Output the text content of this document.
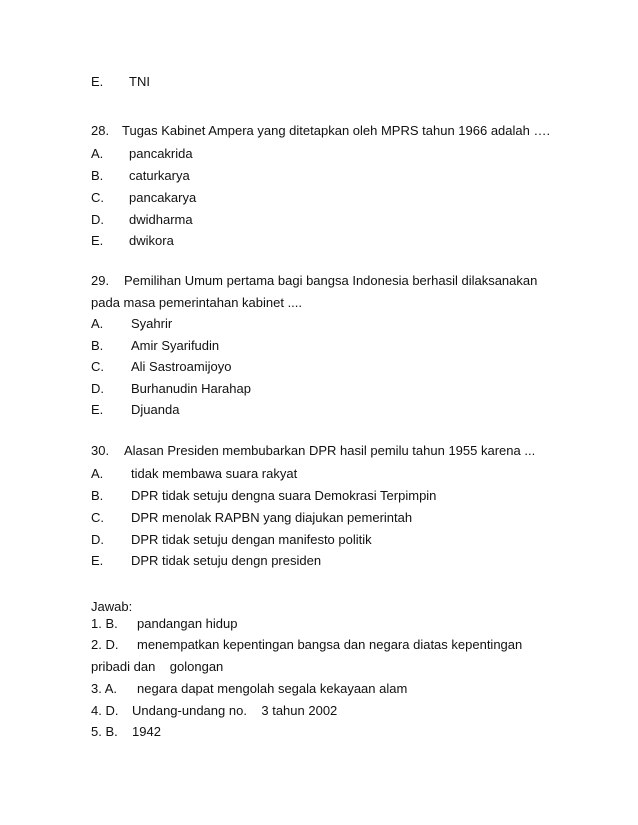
E. TNI
28. Tugas Kabinet Ampera yang ditetapkan oleh MPRS tahun 1966 adalah ….
A. pancakrida
B. caturkarya
C. pancakarya
D. dwidharma
E. dwikora
29. Pemilihan Umum pertama bagi bangsa Indonesia berhasil dilaksanakan
pada masa pemerintahan kabinet ....
A. Syahrir
B. Amir Syarifudin
C. Ali Sastroamijoyo
D. Burhanudin Harahap
E. Djuanda
30. Alasan Presiden membubarkan DPR hasil pemilu tahun 1955 karena ...
A. tidak membawa suara rakyat
B. DPR tidak setuju dengna suara Demokrasi Terpimpin
C. DPR menolak RAPBN yang diajukan pemerintah
D. DPR tidak setuju dengan manifesto politik
E. DPR tidak setuju dengn presiden
Jawab:
1. B. pandangan hidup
2. D. menempatkan kepentingan bangsa dan negara diatas kepentingan
pribadi dan    golongan
3. A. negara dapat mengolah segala kekayaan alam
4. D. Undang-undang no.    3 tahun 2002
5. B. 1942
